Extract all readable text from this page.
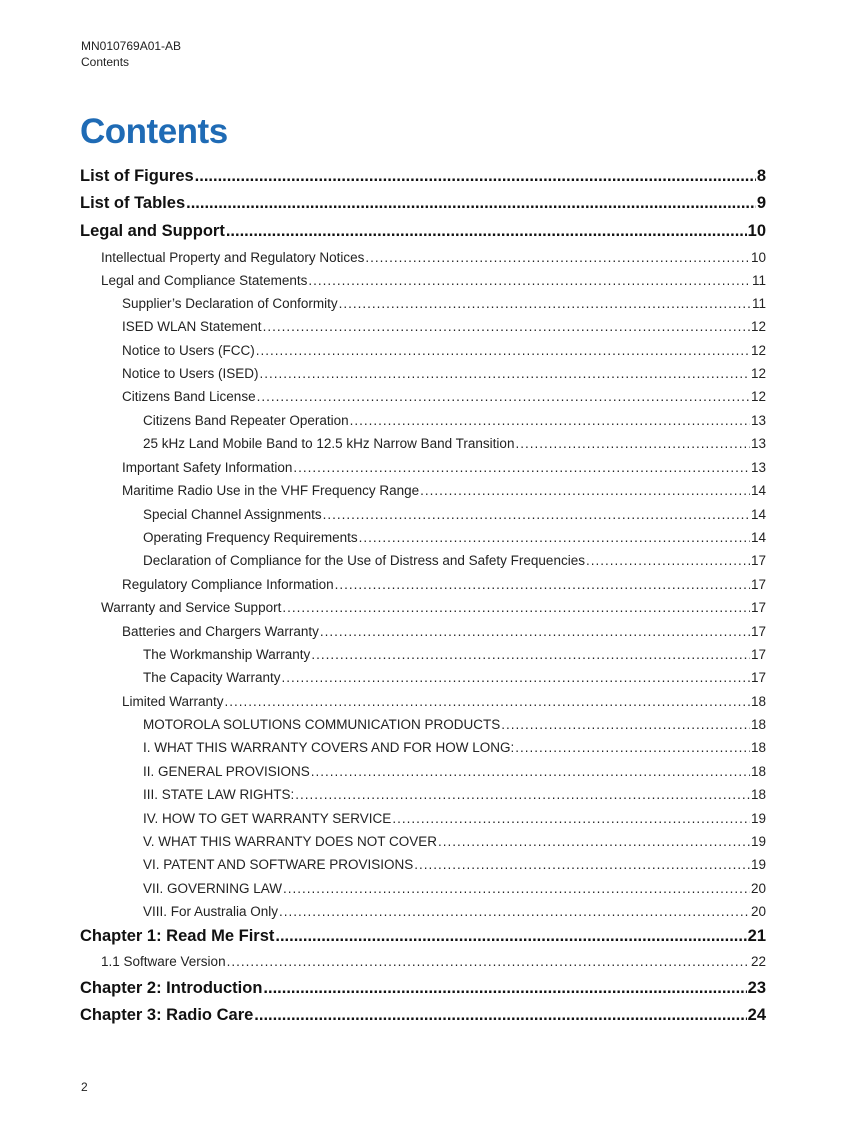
MN010769A01-AB
Contents
Contents
List of Figures .....	8
List of Tables .....	9
Legal and Support .....	10
Intellectual Property and Regulatory Notices .....	10
Legal and Compliance Statements .....	11
Supplier’s Declaration of Conformity .....	11
ISED WLAN Statement .....	12
Notice to Users (FCC) .....	12
Notice to Users (ISED) .....	12
Citizens Band License .....	12
Citizens Band Repeater Operation .....	13
25 kHz Land Mobile Band to 12.5 kHz Narrow Band Transition .....	13
Important Safety Information .....	13
Maritime Radio Use in the VHF Frequency Range .....	14
Special Channel Assignments .....	14
Operating Frequency Requirements .....	14
Declaration of Compliance for the Use of Distress and Safety Frequencies .....	17
Regulatory Compliance Information .....	17
Warranty and Service Support .....	17
Batteries and Chargers Warranty .....	17
The Workmanship Warranty .....	17
The Capacity Warranty .....	17
Limited Warranty .....	18
MOTOROLA SOLUTIONS COMMUNICATION PRODUCTS .....	18
I. WHAT THIS WARRANTY COVERS AND FOR HOW LONG: .....	18
II. GENERAL PROVISIONS .....	18
III. STATE LAW RIGHTS: .....	18
IV. HOW TO GET WARRANTY SERVICE .....	19
V. WHAT THIS WARRANTY DOES NOT COVER .....	19
VI. PATENT AND SOFTWARE PROVISIONS .....	19
VII. GOVERNING LAW .....	20
VIII. For Australia Only .....	20
Chapter 1: Read Me First .....	21
1.1 Software Version .....	22
Chapter 2: Introduction .....	23
Chapter 3: Radio Care .....	24
2
